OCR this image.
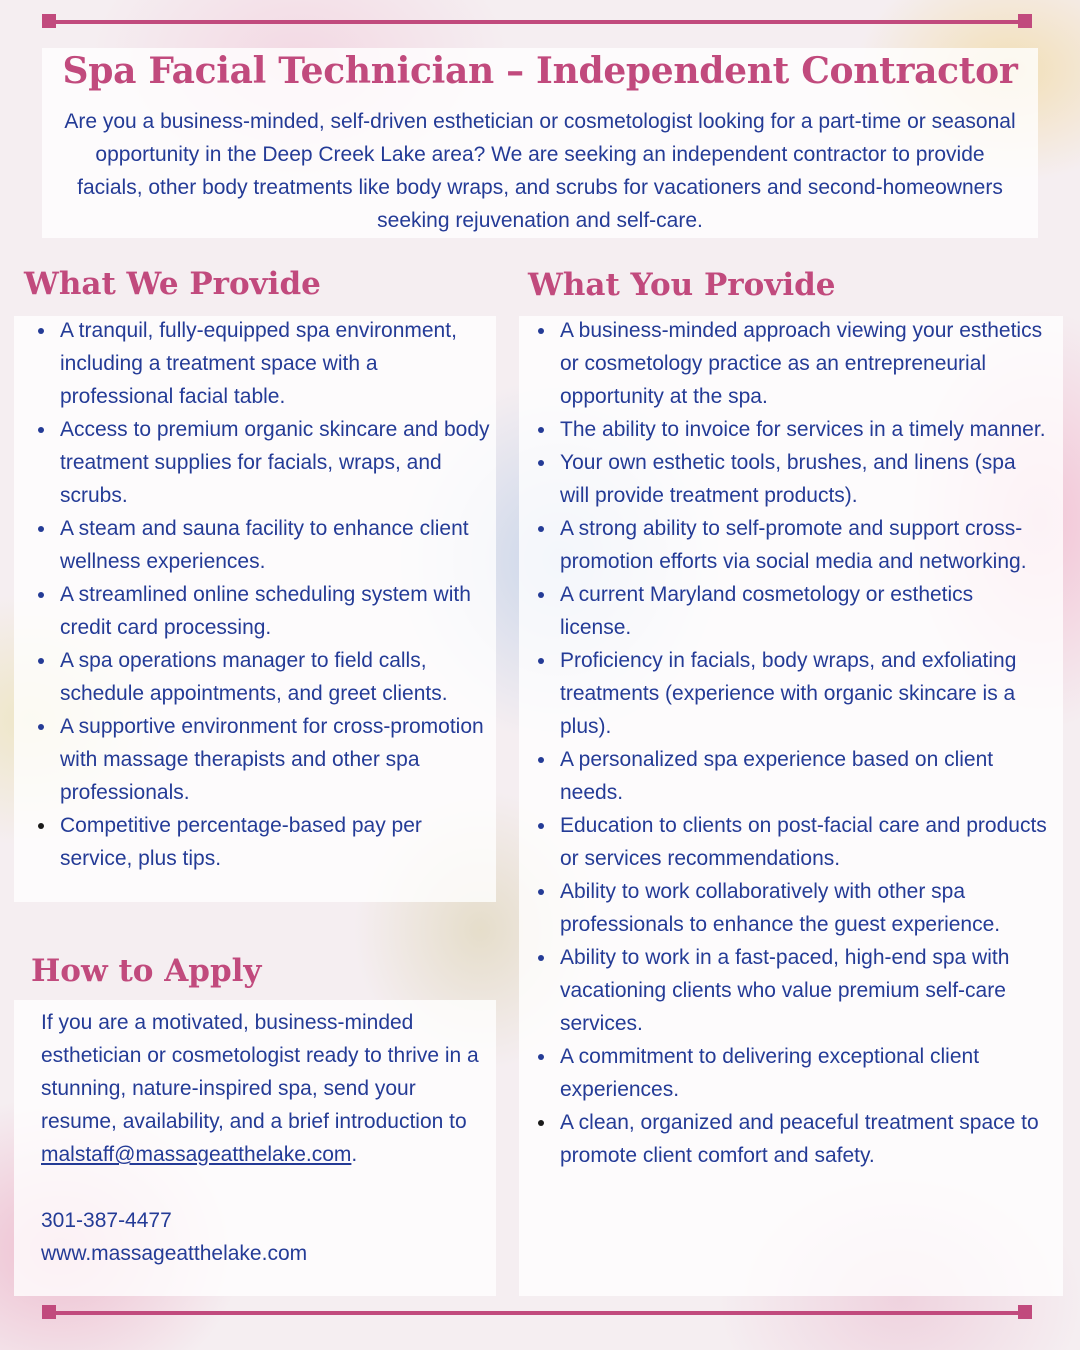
Spa Facial Technician – Independent Contractor

Are you a business-minded, self-driven esthetician or cosmetologist looking for a part-time or seasonal opportunity in the Deep Creek Lake area? We are seeking an independent contractor to provide facials, other body treatments like body wraps, and scrubs for vacationers and second-homeowners seeking rejuvenation and self-care.

What We Provide
A tranquil, fully-equipped spa environment, including a treatment space with a professional facial table.
Access to premium organic skincare and body treatment supplies for facials, wraps, and scrubs.
A steam and sauna facility to enhance client wellness experiences.
A streamlined online scheduling system with credit card processing.
A spa operations manager to field calls, schedule appointments, and greet clients.
A supportive environment for cross-promotion with massage therapists and other spa professionals.
Competitive percentage-based pay per service, plus tips.
What You Provide
A business-minded approach viewing your esthetics or cosmetology practice as an entrepreneurial opportunity at the spa.
The ability to invoice for services in a timely manner.
Your own esthetic tools, brushes, and linens (spa will provide treatment products).
A strong ability to self-promote and support cross-promotion efforts via social media and networking.
A current Maryland cosmetology or esthetics license.
Proficiency in facials, body wraps, and exfoliating treatments (experience with organic skincare is a plus).
A personalized spa experience based on client needs.
Education to clients on post-facial care and products or services recommendations.
Ability to work collaboratively with other spa professionals to enhance the guest experience.
Ability to work in a fast-paced, high-end spa with vacationing clients who value premium self-care services.
A commitment to delivering exceptional client experiences.
A clean, organized and peaceful treatment space to promote client comfort and safety.
How to Apply

If you are a motivated, business-minded esthetician or cosmetologist ready to thrive in a stunning, nature-inspired spa, send your resume, availability, and a brief introduction to
malstaff@massageatthelake.com.

301-387-4477

www.massageatthelake.com
